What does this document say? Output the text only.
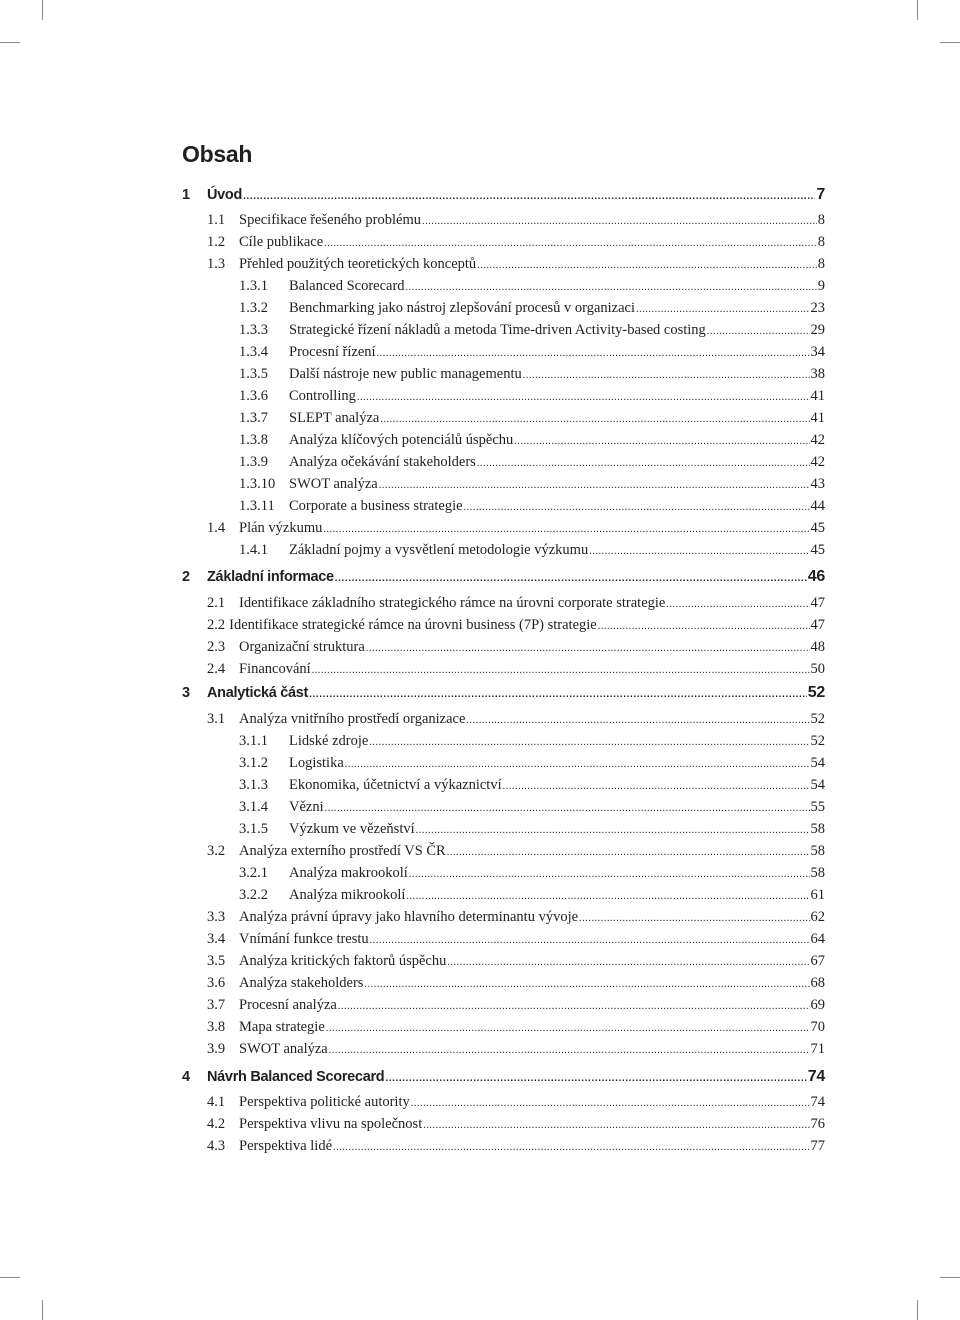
Obsah
1	Úvod .....	7
1.1 Specifikace řešeného problému .....	8
1.2 Cíle publikace .....	8
1.3 Přehled použitých teoretických konceptů .....	8
1.3.1	Balanced Scorecard .....	9
1.3.2	Benchmarking jako nástroj zlepšování procesů v organizaci .....	23
1.3.3	Strategické řízení nákladů a metoda Time-driven Activity-based costing .....	29
1.3.4	Procesní řízení .....	34
1.3.5	Další nástroje new public managementu .....	38
1.3.6	Controlling .....	41
1.3.7	SLEPT analýza .....	41
1.3.8	Analýza klíčových potenciálů úspěchu .....	42
1.3.9	Analýza očekávání stakeholders .....	42
1.3.10 SWOT analýza .....	43
1.3.11 Corporate a business strategie .....	44
1.4 Plán výzkumu .....	45
1.4.1	Základní pojmy a vysvětlení metodologie výzkumu .....	45
2	Základní informace .....	46
2.1 Identifikace základního strategického rámce na úrovni corporate strategie .....	47
2.2 Identifikace strategické rámce na úrovni business (7P) strategie .....	47
2.3 Organizační struktura .....	48
2.4 Financování .....	50
3	Analytická část .....	52
3.1 Analýza vnitřního prostředí organizace .....	52
3.1.1	Lidské zdroje .....	52
3.1.2	Logistika .....	54
3.1.3	Ekonomika, účetnictví a výkaznictví .....	54
3.1.4	Vězni .....	55
3.1.5	Výzkum ve vězeňství .....	58
3.2 Analýza externího prostředí VS ČR .....	58
3.2.1	Analýza makrookolí .....	58
3.2.2	Analýza mikrookolí .....	61
3.3 Analýza právní úpravy jako hlavního determinantu vývoje .....	62
3.4 Vnímání funkce trestu .....	64
3.5 Analýza kritických faktorů úspěchu .....	67
3.6 Analýza stakeholders .....	68
3.7 Procesní analýza .....	69
3.8 Mapa strategie .....	70
3.9 SWOT analýza .....	71
4	Návrh Balanced Scorecard .....	74
4.1 Perspektiva politické autority .....	74
4.2 Perspektiva vlivu na společnost .....	76
4.3 Perspektiva lidé .....	77
